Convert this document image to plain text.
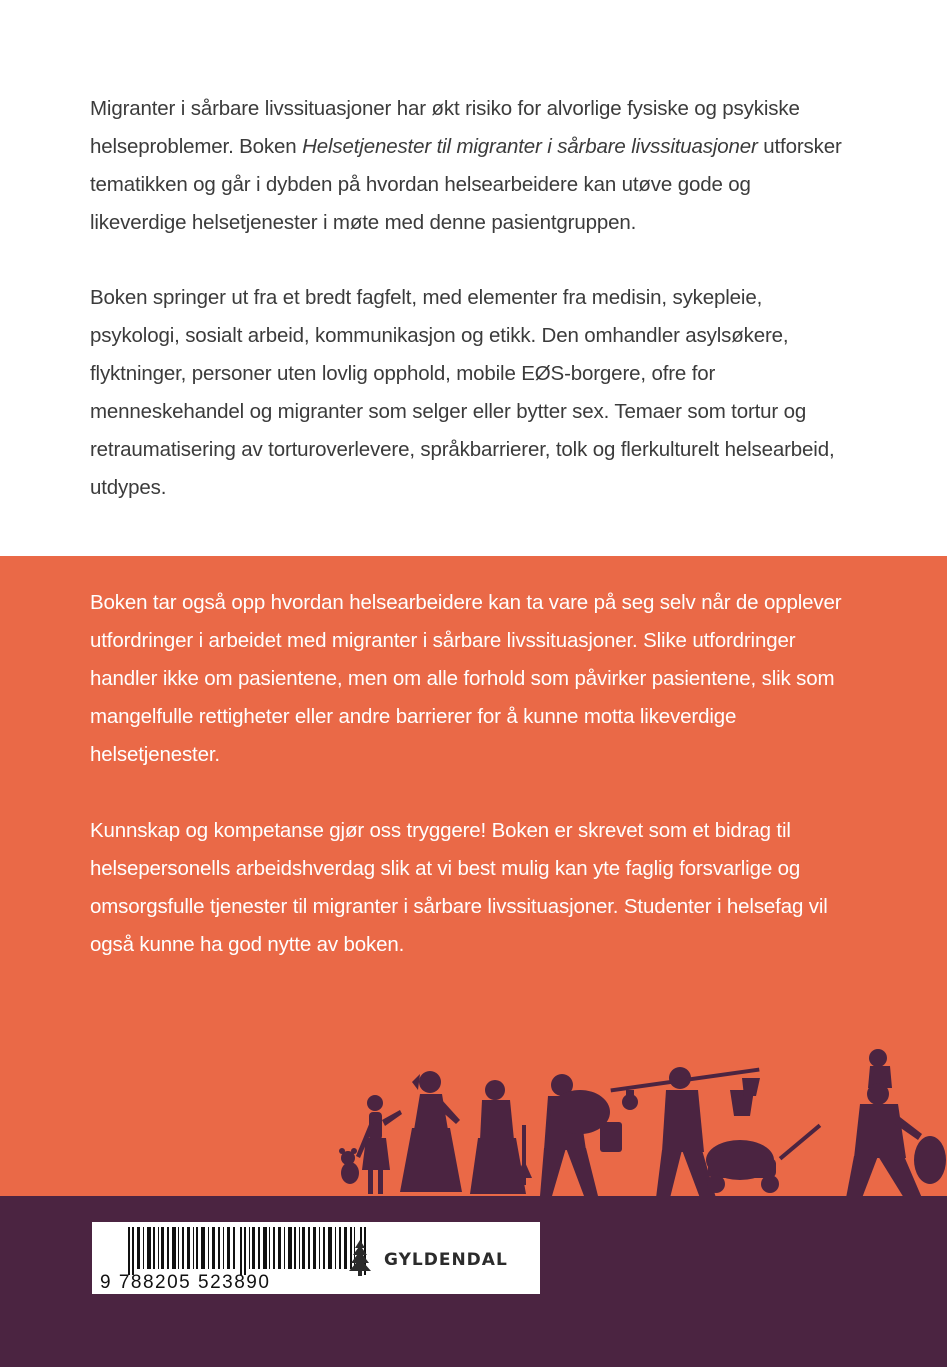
Migranter i sårbare livssituasjoner har økt risiko for alvorlige fysiske og psykiske helseproblemer. Boken Helsetjenester til migranter i sårbare livssituasjoner utforsker tematikken og går i dybden på hvordan helsearbeidere kan utøve gode og likeverdige helsetjenester i møte med denne pasientgruppen.

Boken springer ut fra et bredt fagfelt, med elementer fra medisin, sykepleie, psykologi, sosialt arbeid, kommunikasjon og etikk. Den omhandler asylsøkere, flyktninger, personer uten lovlig opphold, mobile EØS-borgere, ofre for menneskehandel og migranter som selger eller bytter sex. Temaer som tortur og retraumatisering av torturoverlevere, språkbarrierer, tolk og flerkulturelt helsearbeid, utdypes.

Boken tar også opp hvordan helsearbeidere kan ta vare på seg selv når de opplever utfordringer i arbeidet med migranter i sårbare livssituasjoner. Slike utfordringer handler ikke om pasientene, men om alle forhold som påvirker pasientene, slik som mangelfulle rettigheter eller andre barrierer for å kunne motta likeverdige helsetjenester.

Kunnskap og kompetanse gjør oss tryggere! Boken er skrevet som et bidrag til helsepersonells arbeidshverdag slik at vi best mulig kan yte faglig forsvarlige og omsorgsfulle tjenester til migranter i sårbare livssituasjoner. Studenter i helsefag vil også kunne ha god nytte av boken.

9 788205 523890
GYLDENDAL
